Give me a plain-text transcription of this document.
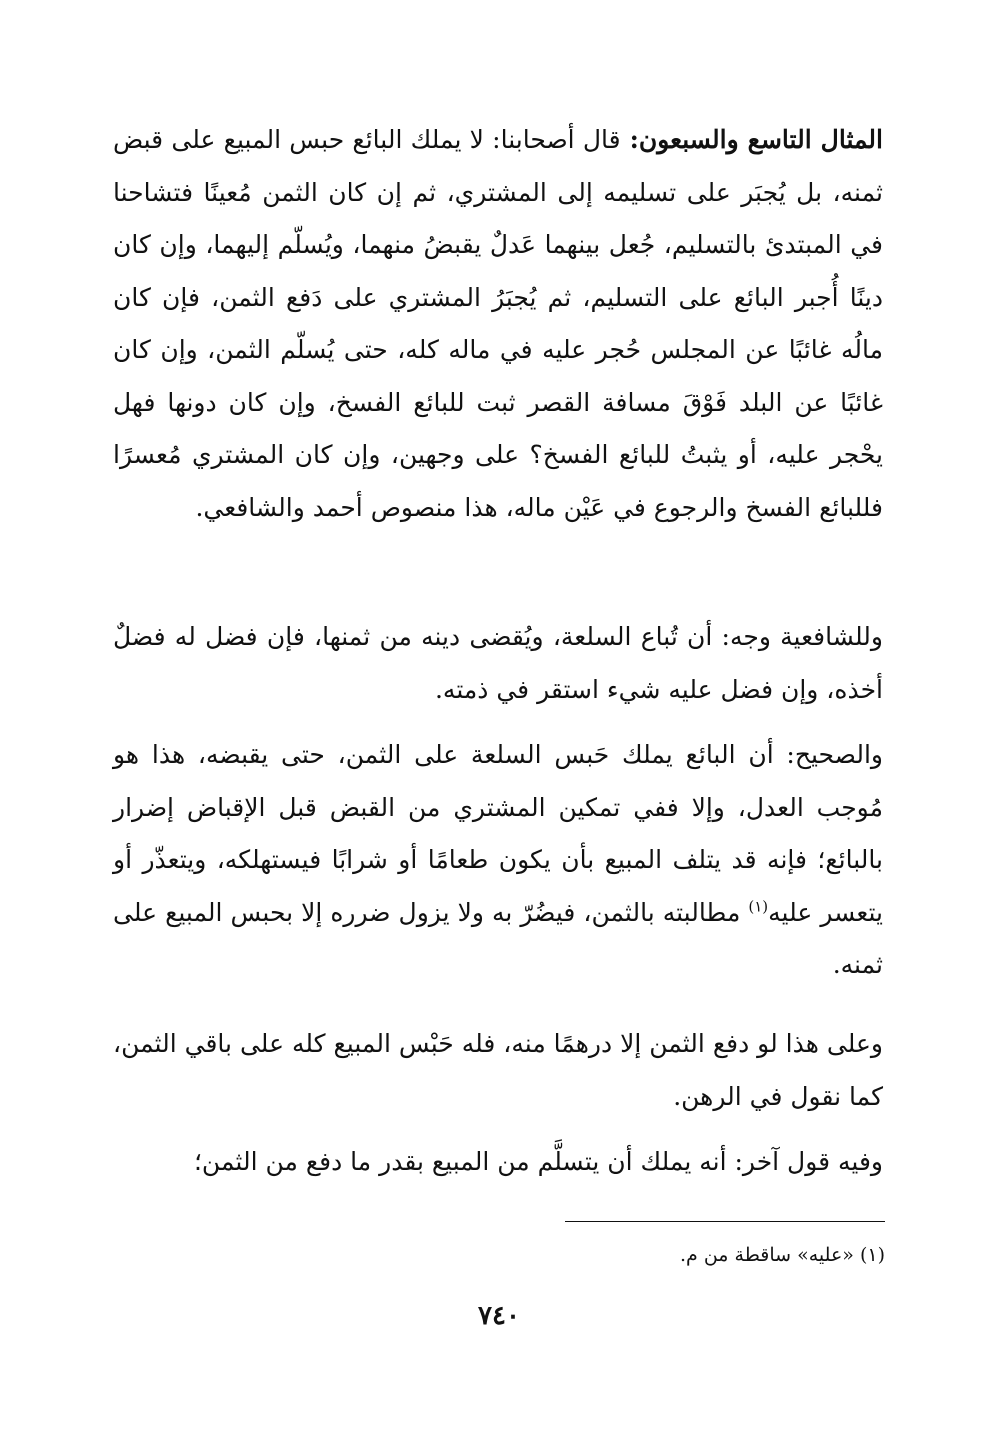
المثال التاسع والسبعون: قال أصحابنا: لا يملك البائع حبس المبيع على قبض ثمنه، بل يُجبَر على تسليمه إلى المشتري، ثم إن كان الثمن مُعينًا فتشاحنا في المبتدئ بالتسليم، جُعل بينهما عَدلٌ يقبضُ منهما، ويُسلّم إليهما، وإن كان دينًا أُجبر البائع على التسليم، ثم يُجبَرُ المشتري على دَفع الثمن، فإن كان مالُه غائبًا عن المجلس حُجر عليه في ماله كله، حتى يُسلّم الثمن، وإن كان غائبًا عن البلد فَوْقَ مسافة القصر ثبت للبائع الفسخ، وإن كان دونها فهل يحْجر عليه، أو يثبتُ للبائع الفسخ؟ على وجهين، وإن كان المشتري مُعسرًا فللبائع الفسخ والرجوع في عَيْن ماله، هذا منصوص أحمد والشافعي.
وللشافعية وجه: أن تُباع السلعة، ويُقضى دينه من ثمنها، فإن فضل له فضلٌ أخذه، وإن فضل عليه شيء استقر في ذمته.
والصحيح: أن البائع يملك حَبس السلعة على الثمن، حتى يقبضه، هذا هو مُوجب العدل، وإلا ففي تمكين المشتري من القبض قبل الإقباض إضرار بالبائع؛ فإنه قد يتلف المبيع بأن يكون طعامًا أو شرابًا فيستهلكه، ويتعذّر أو يتعسر عليه$^{(١)}$ مطالبته بالثمن، فيضُرّ به ولا يزول ضرره إلا بحبس المبيع على ثمنه.
وعلى هذا لو دفع الثمن إلا درهمًا منه، فله حَبْس المبيع كله على باقي الثمن، كما نقول في الرهن.
وفيه قول آخر: أنه يملك أن يتسلَّم من المبيع بقدر ما دفع من الثمن؛
(١) «عليه» ساقطة من م.
٧٤٠
